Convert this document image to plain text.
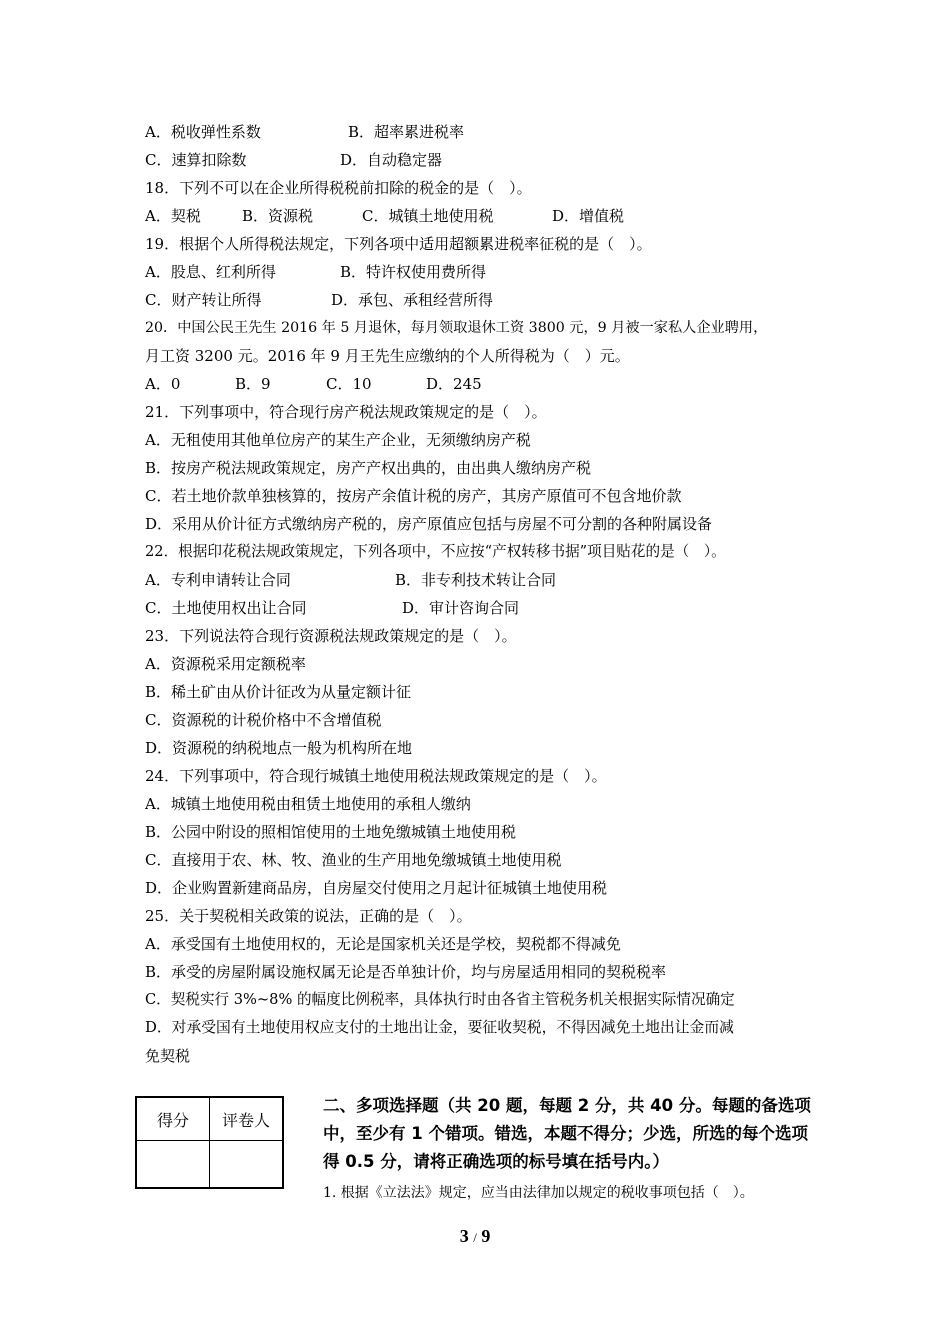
A．税收弹性系数	B．超率累进税率
C．速算扣除数	D．自动稳定器
18．下列不可以在企业所得税税前扣除的税金的是（　）。
A．契税	B．资源税	C．城镇土地使用税	D．增值税
19．根据个人所得税法规定，下列各项中适用超额累进税率征税的是（　）。
A．股息、红利所得	B．特许权使用费所得
C．财产转让所得	D．承包、承租经营所得
20．中国公民王先生 2016 年 5 月退休，每月领取退休工资 3800 元，9 月被一家私人企业聘用，
月工资 3200 元。2016 年 9 月王先生应缴纳的个人所得税为（　）元。
A．0	B．9	C．10	D．245
21．下列事项中，符合现行房产税法规政策规定的是（　）。
A．无租使用其他单位房产的某生产企业，无须缴纳房产税
B．按房产税法规政策规定，房产产权出典的，由出典人缴纳房产税
C．若土地价款单独核算的，按房产余值计税的房产，其房产原值可不包含地价款
D．采用从价计征方式缴纳房产税的，房产原值应包括与房屋不可分割的各种附属设备
22．根据印花税法规政策规定，下列各项中，不应按“产权转移书据”项目贴花的是（　）。
A．专利申请转让合同	B．非专利技术转让合同
C．土地使用权出让合同	D．审计咨询合同
23．下列说法符合现行资源税法规政策规定的是（　）。
A．资源税采用定额税率
B．稀土矿由从价计征改为从量定额计征
C．资源税的计税价格中不含增值税
D．资源税的纳税地点一般为机构所在地
24．下列事项中，符合现行城镇土地使用税法规政策规定的是（　）。
A．城镇土地使用税由租赁土地使用的承租人缴纳
B．公园中附设的照相馆使用的土地免缴城镇土地使用税
C．直接用于农、林、牧、渔业的生产用地免缴城镇土地使用税
D．企业购置新建商品房，自房屋交付使用之月起计征城镇土地使用税
25．关于契税相关政策的说法，正确的是（　）。
A．承受国有土地使用权的，无论是国家机关还是学校，契税都不得减免
B．承受的房屋附属设施权属无论是否单独计价，均与房屋适用相同的契税税率
C．契税实行 3%~8% 的幅度比例税率，具体执行时由各省主管税务机关根据实际情况确定
D．对承受国有土地使用权应支付的土地出让金，要征收契税，不得因减免土地出让金而减
免契税
得分	评卷人

二、多项选择题（共 20 题，每题 2 分，共 40 分。每题的备选项中，至少有 1 个错项。错选，本题不得分；少选，所选的每个选项得 0.5 分，请将正确选项的标号填在括号内。）
1. 根据《立法法》规定，应当由法律加以规定的税收事项包括（　）。
3 / 9
